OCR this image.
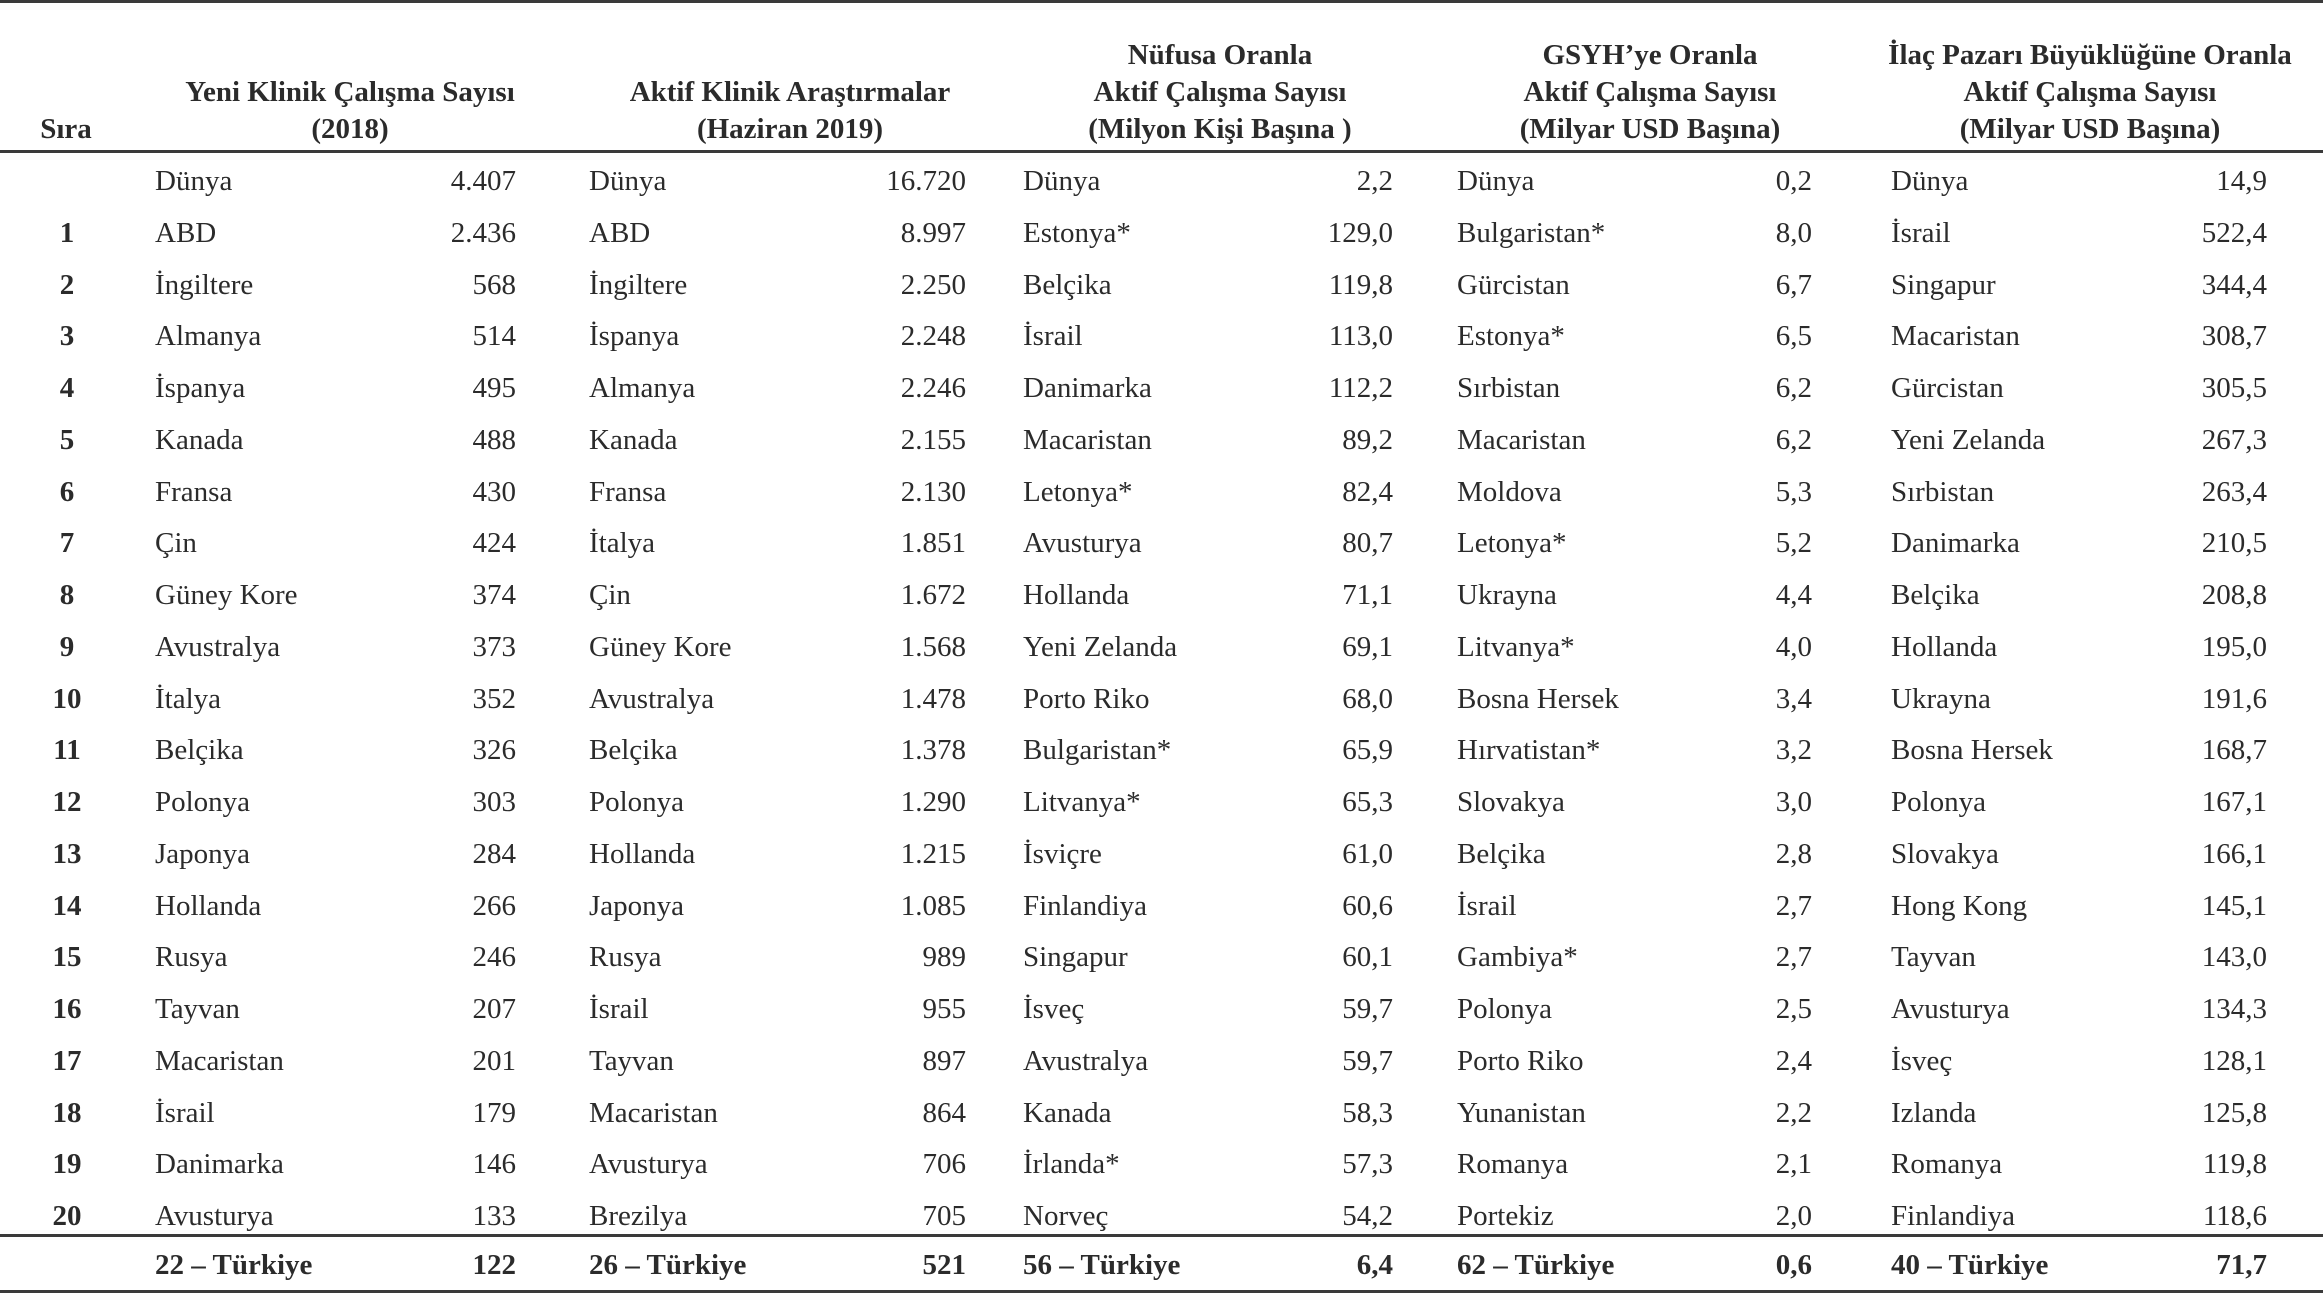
Sıra
Yeni Klinik Çalışma Sayısı
(2018)
Aktif Klinik Araştırmalar
(Haziran 2019)
Nüfusa Oranla
Aktif Çalışma Sayısı
(Milyon Kişi Başına )
GSYH’ye Oranla
Aktif Çalışma Sayısı
(Milyar USD Başına)
İlaç Pazarı Büyüklüğüne Oranla
Aktif Çalışma Sayısı
(Milyar USD Başına)
Dünya	4.407	Dünya	16.720 Dünya	2,2 Dünya	0,2	Dünya	14,9
1	ABD	2.436	ABD	8.997 Estonya*	129,0 Bulgaristan*	8,0	İsrail	522,4
2	İngiltere	568	İngiltere	2.250 Belçika	119,8 Gürcistan	6,7	Singapur	344,4
3	Almanya	514	İspanya	2.248 İsrail	113,0 Estonya*	6,5	Macaristan	308,7
4	İspanya	495	Almanya	2.246 Danimarka	112,2 Sırbistan	6,2	Gürcistan	305,5
5	Kanada	488	Kanada	2.155 Macaristan	89,2 Macaristan	6,2	Yeni Zelanda	267,3
6	Fransa	430	Fransa	2.130 Letonya*	82,4 Moldova	5,3	Sırbistan	263,4
7	Çin	424	İtalya	1.851 Avusturya	80,7 Letonya*	5,2	Danimarka	210,5
8	Güney Kore	374	Çin	1.672 Hollanda	71,1 Ukrayna	4,4	Belçika	208,8
9	Avustralya	373	Güney Kore	1.568 Yeni Zelanda	69,1 Litvanya*	4,0	Hollanda	195,0
10	İtalya	352	Avustralya	1.478 Porto Riko	68,0 Bosna Hersek	3,4	Ukrayna	191,6
11	Belçika	326	Belçika	1.378 Bulgaristan*	65,9 Hırvatistan*	3,2	Bosna Hersek	168,7
12	Polonya	303	Polonya	1.290 Litvanya*	65,3 Slovakya	3,0	Polonya	167,1
13	Japonya	284	Hollanda	1.215 İsviçre	61,0 Belçika	2,8	Slovakya	166,1
14	Hollanda	266	Japonya	1.085 Finlandiya	60,6 İsrail	2,7	Hong Kong	145,1
15	Rusya	246	Rusya	989 Singapur	60,1 Gambiya*	2,7	Tayvan	143,0
16	Tayvan	207	İsrail	955 İsveç	59,7 Polonya	2,5	Avusturya	134,3
17	Macaristan	201	Tayvan	897 Avustralya	59,7 Porto Riko	2,4	İsveç	128,1
18	İsrail	179	Macaristan	864 Kanada	58,3 Yunanistan	2,2	Izlanda	125,8
19	Danimarka	146	Avusturya	706 İrlanda*	57,3 Romanya	2,1	Romanya	119,8
20	Avusturya	133	Brezilya	705 Norveç	54,2 Portekiz	2,0	Finlandiya	118,6
22 – Türkiye	122	26 – Türkiye	521 56 – Türkiye	6,4 62 – Türkiye	0,6	40 – Türkiye	71,7
